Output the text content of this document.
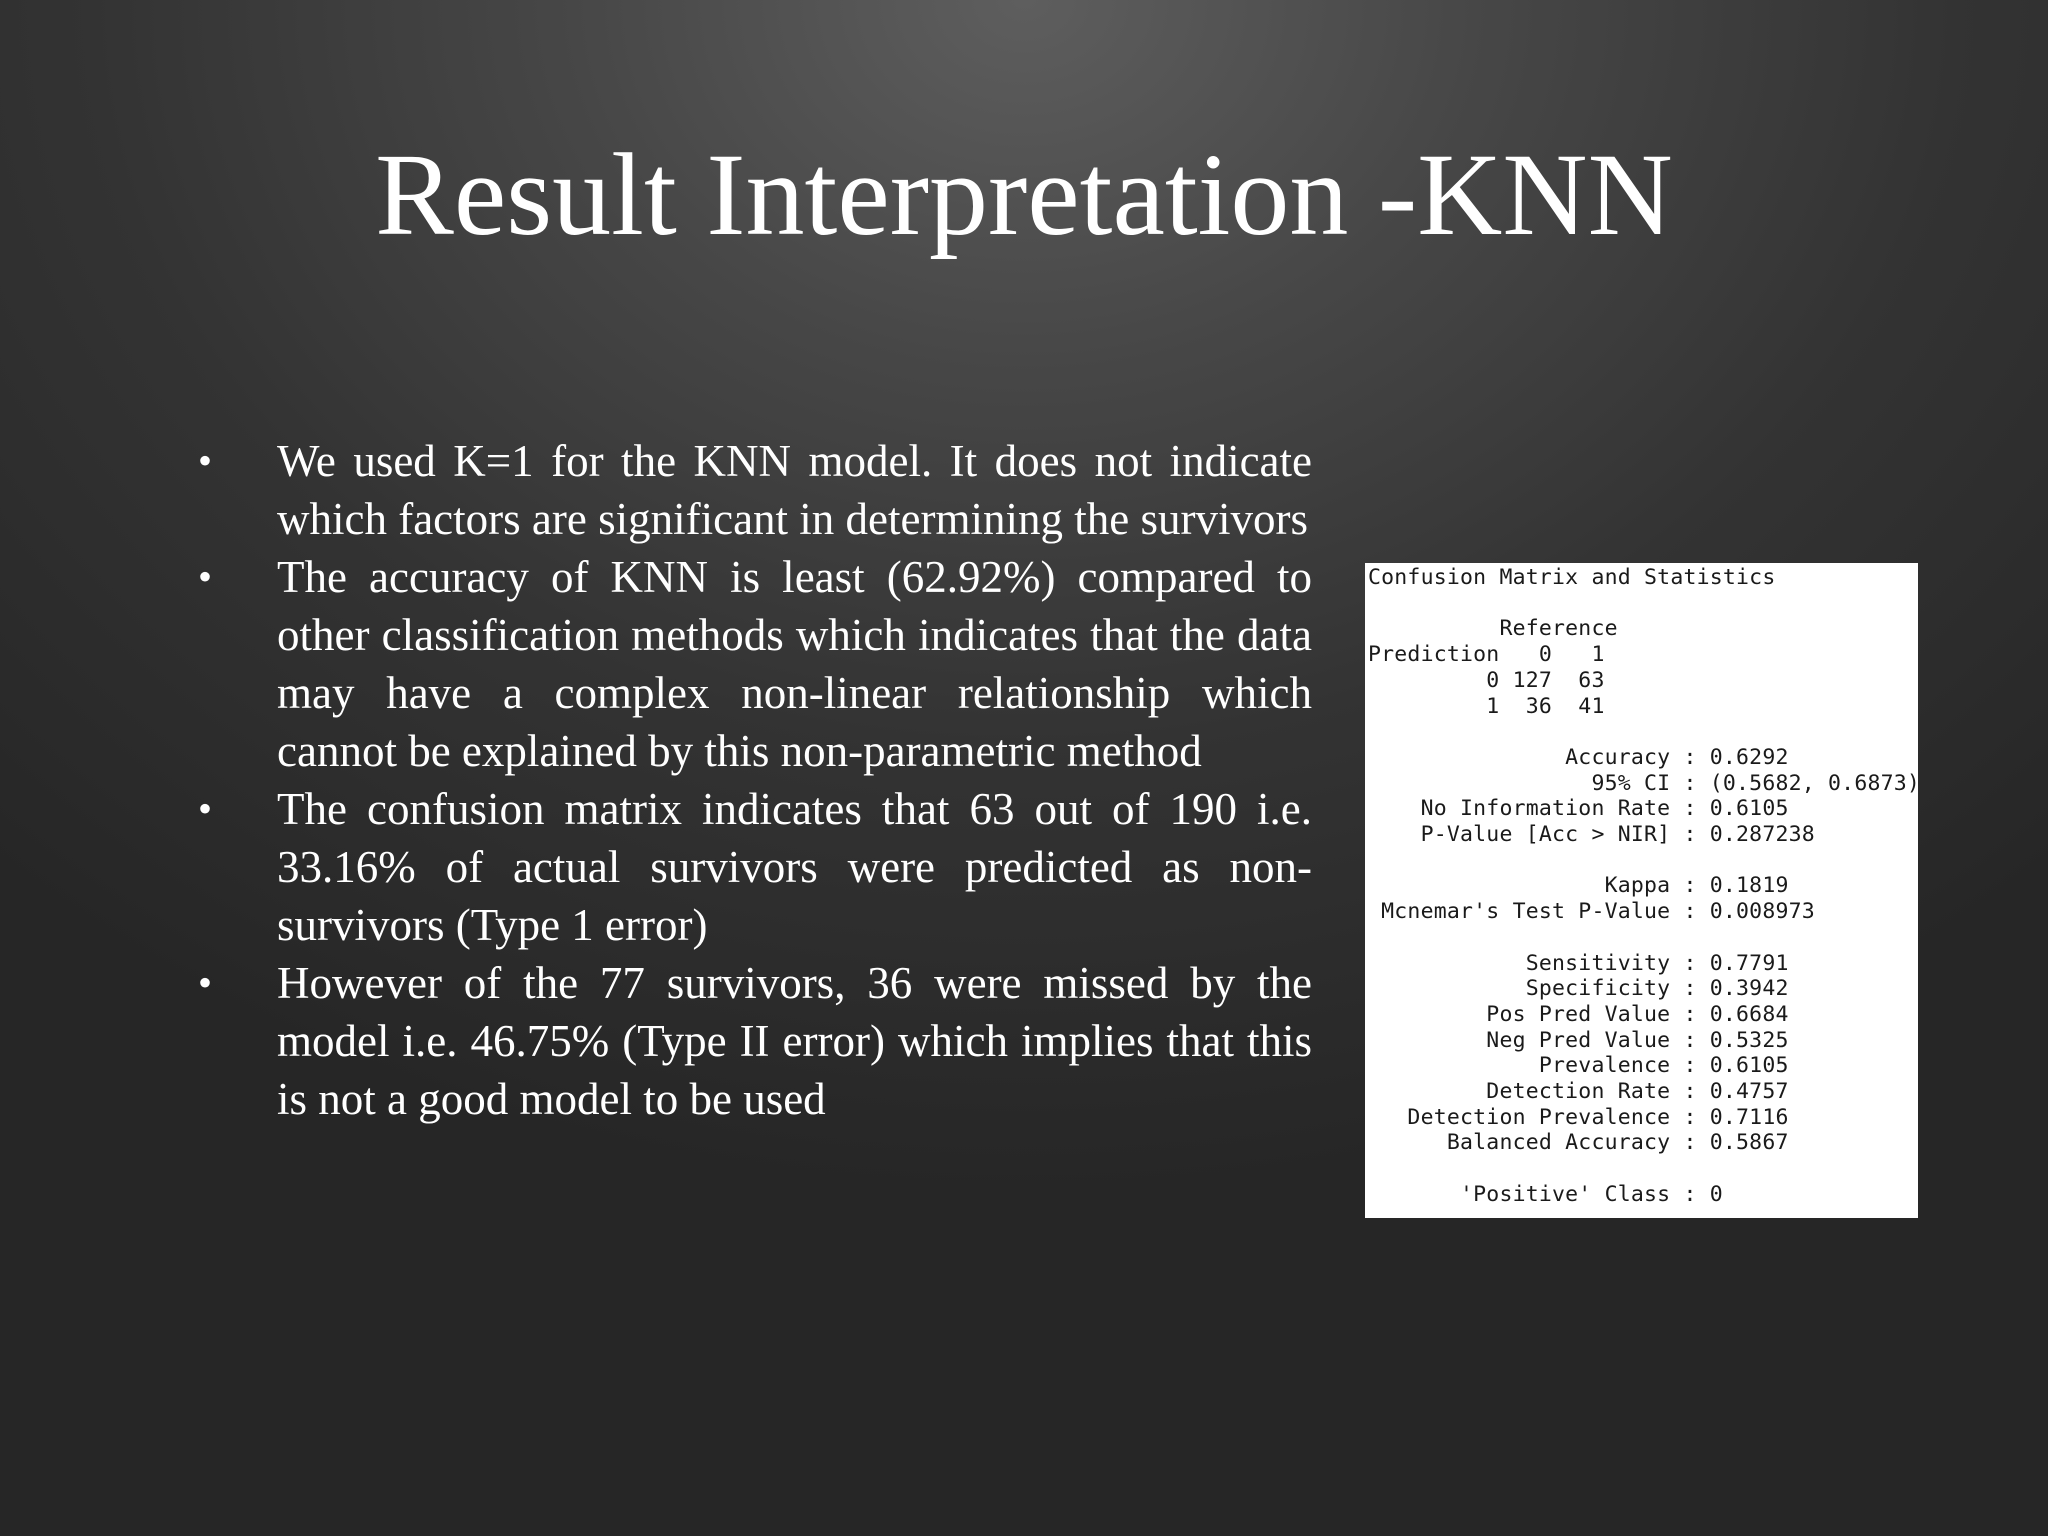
Result Interpretation -KNN
• We used K=1 for the KNN model. It does not indicate which factors are significant in determining the survivors
• The accuracy of KNN is least (62.92%) compared to other classification methods which indicates that the data may have a complex non-linear relationship which cannot be explained by this non-parametric method
• The confusion matrix indicates that 63 out of 190 i.e. 33.16% of actual survivors were predicted as non-survivors (Type 1 error)
• However of the 77 survivors, 36 were missed by the model i.e. 46.75% (Type II error) which implies that this is not a good model to be used
Confusion Matrix and Statistics

Reference
Prediction   0   1
0 127  63
1  36  41

Accuracy : 0.6292
95% CI : (0.5682, 0.6873)
No Information Rate : 0.6105
P-Value [Acc > NIR] : 0.287238

Kappa : 0.1819
Mcnemar's Test P-Value : 0.008973

Sensitivity : 0.7791
Specificity : 0.3942
Pos Pred Value : 0.6684
Neg Pred Value : 0.5325
Prevalence : 0.6105
Detection Rate : 0.4757
Detection Prevalence : 0.7116
Balanced Accuracy : 0.5867

'Positive' Class : 0
